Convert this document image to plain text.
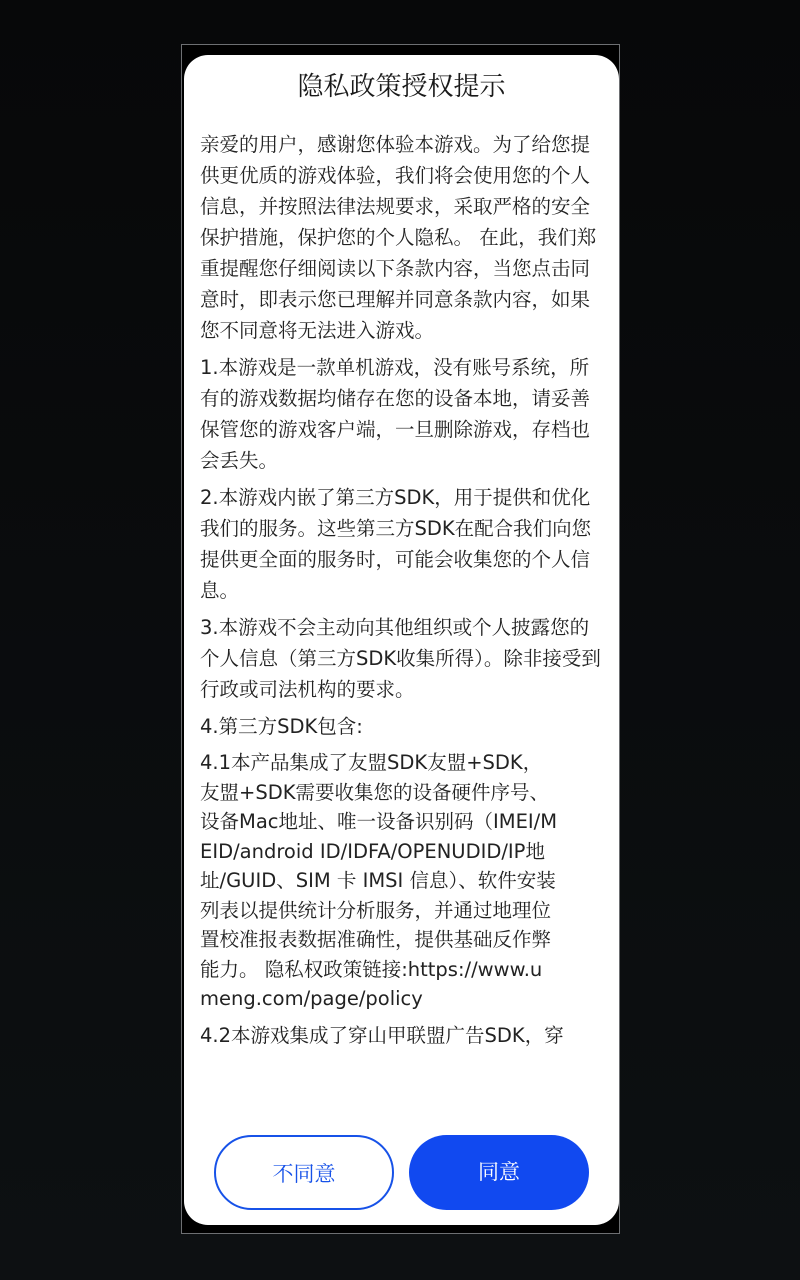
隐私政策授权提示

亲爱的用户，感谢您体验本游戏。为了给您提供更优质的游戏体验，我们将会使用您的个人信息，并按照法律法规要求，采取严格的安全保护措施，保护您的个人隐私。 在此，我们郑重提醒您仔细阅读以下条款内容，当您点击同意时，即表示您已理解并同意条款内容，如果您不同意将无法进入游戏。

1.本游戏是一款单机游戏，没有账号系统，所有的游戏数据均储存在您的设备本地，请妥善保管您的游戏客户端，一旦删除游戏，存档也会丢失。

2.本游戏内嵌了第三方SDK，用于提供和优化我们的服务。这些第三方SDK在配合我们向您提供更全面的服务时，可能会收集您的个人信息。

3.本游戏不会主动向其他组织或个人披露您的个人信息（第三方SDK收集所得）。除非接受到行政或司法机构的要求。

4.第三方SDK包含:

4.1本产品集成了友盟SDK友盟+SDK，友盟+SDK需要收集您的设备硬件序号、设备Mac地址、唯一设备识别码（IMEI/MEID/android ID/IDFA/OPENUDID/IP地址/GUID、SIM 卡 IMSI 信息）、软件安装列表以提供统计分析服务，并通过地理位置校准报表数据准确性，提供基础反作弊能力。 隐私权政策链接:https://www.umeng.com/page/policy

4.2本游戏集成了穿山甲联盟广告SDK，穿

不同意	同意
